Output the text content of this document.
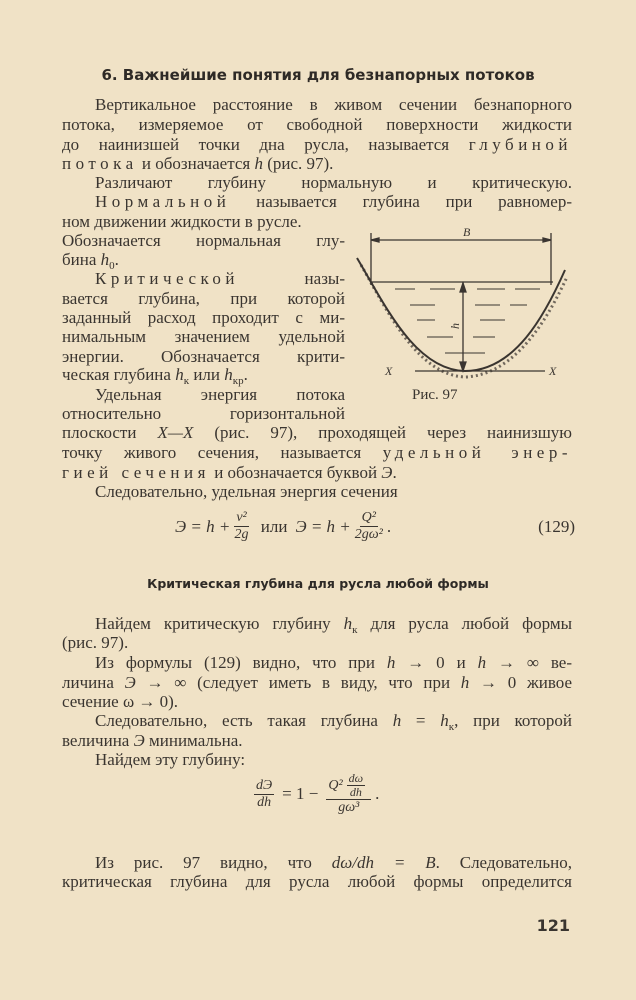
6. Важнейшие понятия для безнапорных потоков
Вертикальное расстояние в живом сечении безнапорного
потока, измеряемое от свободной поверхности жидкости
до наинизшей точки дна русла, называется глубиной
потока и обозначается h (рис. 97).
Различают глубину нормальную и критическую.
Нормальной называется глубина при равномер-
ном движении жидкости в русле.
Обозначается нормальная глу-
бина $h_0$.
Критической назы-
вается глубина, при которой
заданный расход проходит с ми-
нимальным значением удельной
энергии. Обозначается крити-
ческая глубина $h_к$ или $h_{кр}$.
Удельная энергия потока
относительно горизонтальной
плоскости X—X (рис. 97), проходящей через наинизшую
точку живого сечения, называется удельной энер-
гией сечения и обозначается буквой Э.
Следовательно, удельная энергия сечения
Найдем критическую глубину $h_к$ для русла любой формы
(рис. 97).
Из формулы (129) видно, что при h → 0 и h → ∞ ве-
личина Э → ∞ (следует иметь в виду, что при h → 0 живое
сечение ω → 0).
Следовательно, есть такая глубина $h = h_к$, при которой
величина Э минимальна.
Найдем эту глубину:
Из рис. 97 видно, что dω/dh = B. Следовательно,
критическая глубина для русла любой формы определится
B
h
X	X
Рис. 97
$Э = h + \frac{\text{v²}}{2g}$ или $Э = h + \frac{\text{Q²}}{\text{2gω²}}$ .	(129)
Критическая глубина для русла любой формы
$\frac{dЭ}{dh} = 1 - \frac{Q^2 \frac{d\omega}{dh}}{\text{gω³}}$ .
121
